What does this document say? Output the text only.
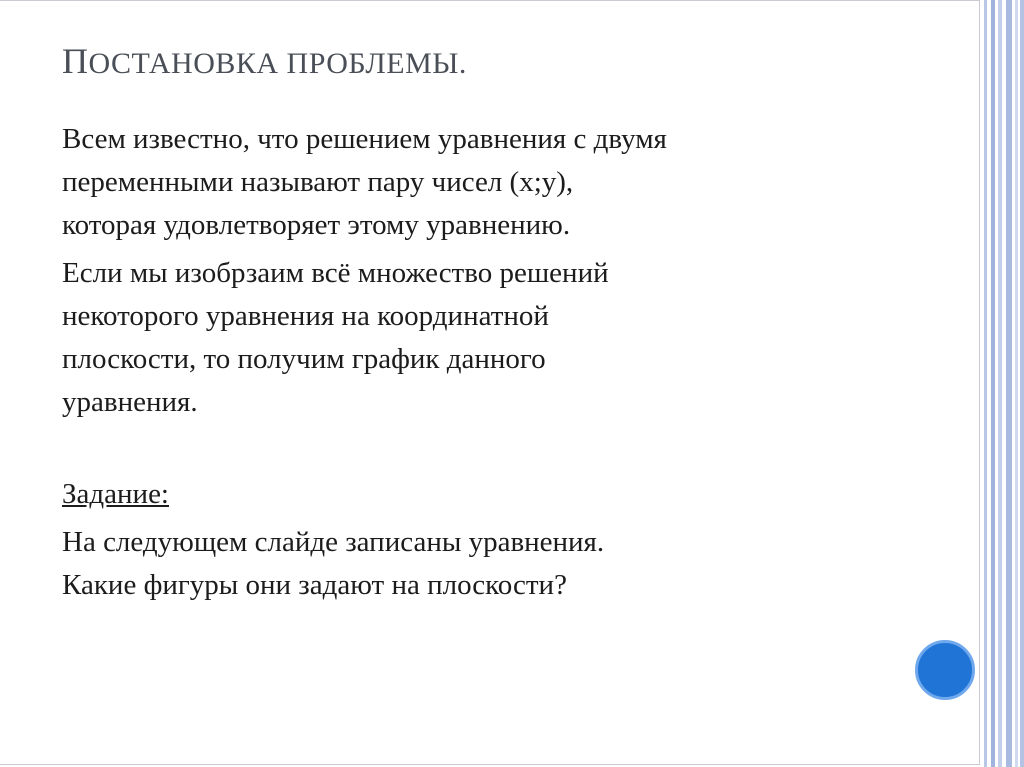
ПОСТАНОВКА ПРОБЛЕМЫ.
Всем известно, что решением уравнения с двумя
переменными называют пару чисел (x;y),
которая удовлетворяет этому уравнению.
Если мы изобрзаим всё множество решений
некоторого уравнения на координатной
плоскости, то получим график данного
уравнения.
Задание:
На следующем слайде записаны уравнения.
Какие фигуры они задают на плоскости?
